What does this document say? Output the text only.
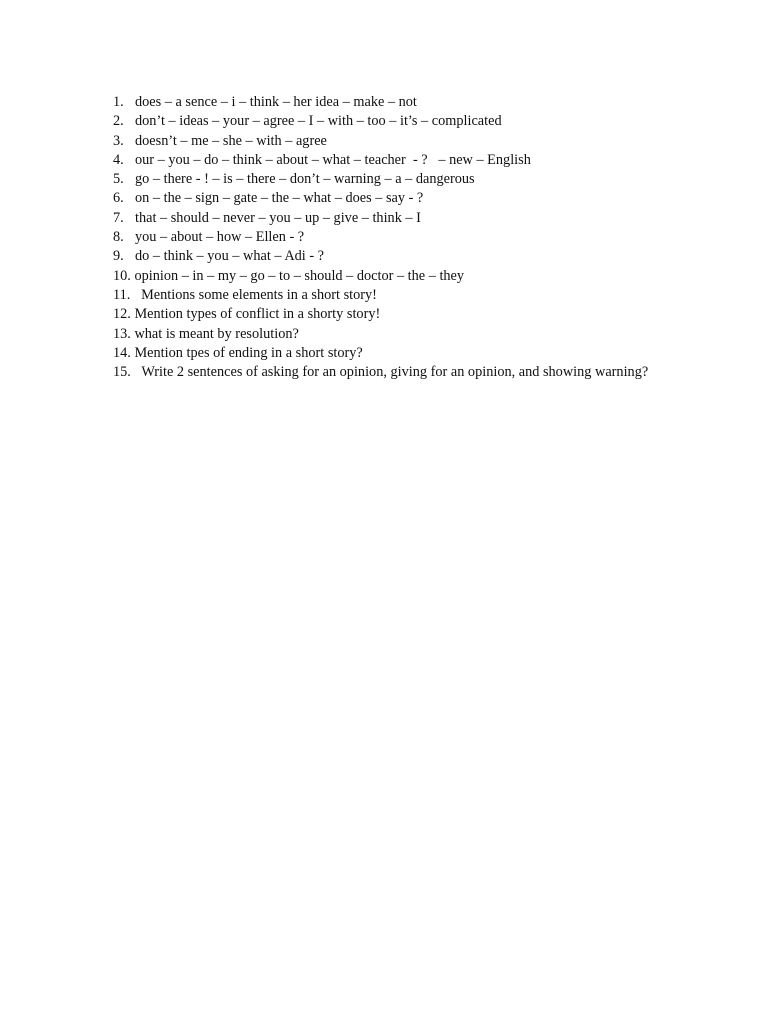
1. does – a sence – i – think – her idea – make – not
2. don’t – ideas – your – agree – I – with – too – it’s – complicated
3. doesn’t – me – she – with – agree
4. our – you – do – think – about – what – teacher  - ?   – new – English
5. go – there - ! – is – there – don’t – warning – a – dangerous
6. on – the – sign – gate – the – what – does – say - ?
7. that – should – never – you – up – give – think – I
8. you – about – how – Ellen - ?
9. do – think – you – what – Adi - ?
10. opinion – in – my – go – to – should – doctor – the – they
11. Mentions some elements in a short story!
12. Mention types of conflict in a shorty story!
13. what is meant by resolution?
14. Mention tpes of ending in a short story?
15. Write 2 sentences of asking for an opinion, giving for an opinion, and showing warning?
